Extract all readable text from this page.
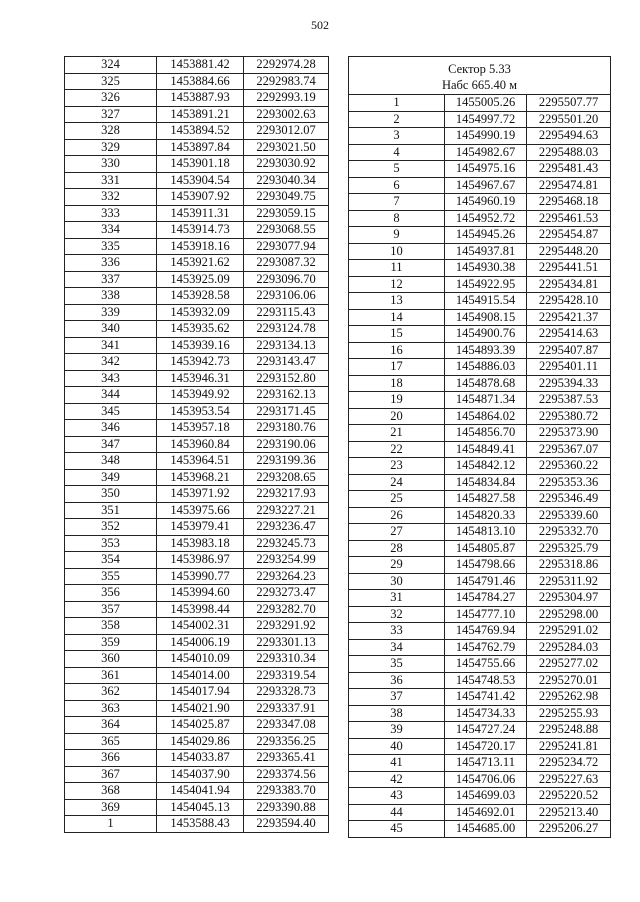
502
324	1453881.42	2292974.28
325	1453884.66	2292983.74
326	1453887.93	2292993.19
327	1453891.21	2293002.63
328	1453894.52	2293012.07
329	1453897.84	2293021.50
330	1453901.18	2293030.92
331	1453904.54	2293040.34
332	1453907.92	2293049.75
333	1453911.31	2293059.15
334	1453914.73	2293068.55
335	1453918.16	2293077.94
336	1453921.62	2293087.32
337	1453925.09	2293096.70
338	1453928.58	2293106.06
339	1453932.09	2293115.43
340	1453935.62	2293124.78
341	1453939.16	2293134.13
342	1453942.73	2293143.47
343	1453946.31	2293152.80
344	1453949.92	2293162.13
345	1453953.54	2293171.45
346	1453957.18	2293180.76
347	1453960.84	2293190.06
348	1453964.51	2293199.36
349	1453968.21	2293208.65
350	1453971.92	2293217.93
351	1453975.66	2293227.21
352	1453979.41	2293236.47
353	1453983.18	2293245.73
354	1453986.97	2293254.99
355	1453990.77	2293264.23
356	1453994.60	2293273.47
357	1453998.44	2293282.70
358	1454002.31	2293291.92
359	1454006.19	2293301.13
360	1454010.09	2293310.34
361	1454014.00	2293319.54
362	1454017.94	2293328.73
363	1454021.90	2293337.91
364	1454025.87	2293347.08
365	1454029.86	2293356.25
366	1454033.87	2293365.41
367	1454037.90	2293374.56
368	1454041.94	2293383.70
369	1454045.13	2293390.88
1	1453588.43	2293594.40
Сектор 5.33
Набс 665.40 м		

1	1455005.26	2295507.77
2	1454997.72	2295501.20
3	1454990.19	2295494.63
4	1454982.67	2295488.03
5	1454975.16	2295481.43
6	1454967.67	2295474.81
7	1454960.19	2295468.18
8	1454952.72	2295461.53
9	1454945.26	2295454.87
10	1454937.81	2295448.20
11	1454930.38	2295441.51
12	1454922.95	2295434.81
13	1454915.54	2295428.10
14	1454908.15	2295421.37
15	1454900.76	2295414.63
16	1454893.39	2295407.87
17	1454886.03	2295401.11
18	1454878.68	2295394.33
19	1454871.34	2295387.53
20	1454864.02	2295380.72
21	1454856.70	2295373.90
22	1454849.41	2295367.07
23	1454842.12	2295360.22
24	1454834.84	2295353.36
25	1454827.58	2295346.49
26	1454820.33	2295339.60
27	1454813.10	2295332.70
28	1454805.87	2295325.79
29	1454798.66	2295318.86
30	1454791.46	2295311.92
31	1454784.27	2295304.97
32	1454777.10	2295298.00
33	1454769.94	2295291.02
34	1454762.79	2295284.03
35	1454755.66	2295277.02
36	1454748.53	2295270.01
37	1454741.42	2295262.98
38	1454734.33	2295255.93
39	1454727.24	2295248.88
40	1454720.17	2295241.81
41	1454713.11	2295234.72
42	1454706.06	2295227.63
43	1454699.03	2295220.52
44	1454692.01	2295213.40
45	1454685.00	2295206.27
